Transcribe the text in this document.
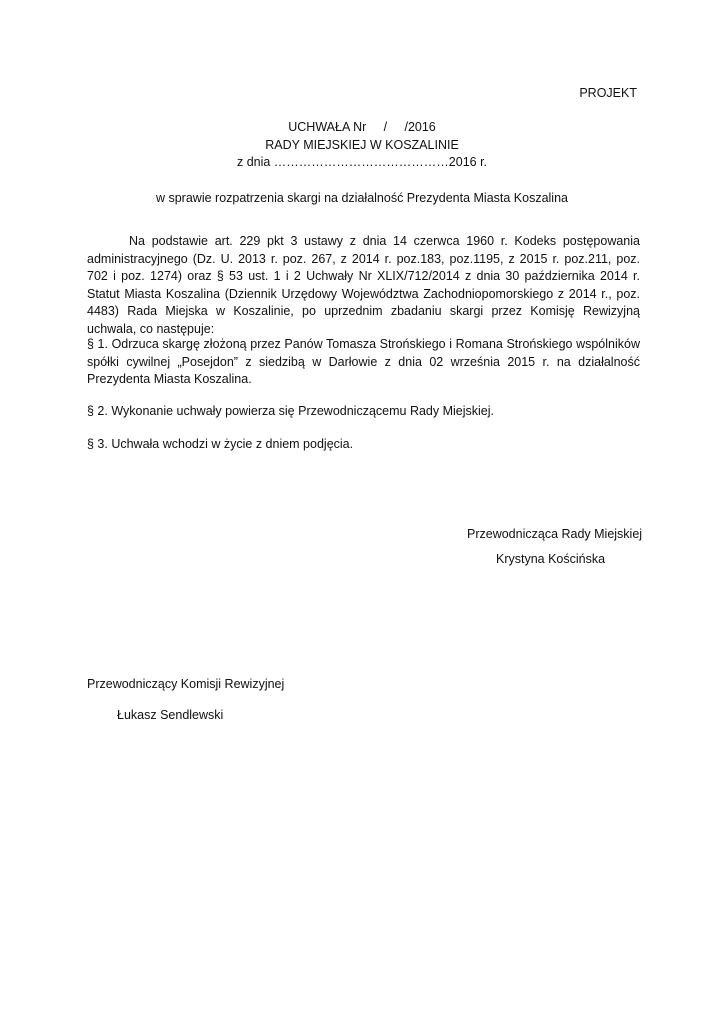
PROJEKT
UCHWAŁA Nr     /     /2016
RADY MIEJSKIEJ W KOSZALINIE
z dnia ……………………………………2016 r.
w sprawie rozpatrzenia skargi na działalność Prezydenta Miasta Koszalina
Na podstawie art. 229 pkt 3 ustawy z dnia 14 czerwca 1960 r. Kodeks postępowania administracyjnego (Dz. U. 2013 r. poz. 267, z 2014 r. poz.183, poz.1195, z 2015 r. poz.211, poz. 702 i poz. 1274) oraz § 53 ust. 1 i 2 Uchwały Nr XLIX/712/2014 z dnia 30 października 2014 r. Statut Miasta Koszalina (Dziennik Urzędowy Województwa Zachodniopomorskiego z 2014 r., poz. 4483) Rada Miejska w Koszalinie, po uprzednim zbadaniu skargi przez Komisję Rewizyjną uchwala, co następuje:
§ 1. Odrzuca skargę złożoną przez Panów Tomasza Strońskiego i Romana Strońskiego wspólników spółki cywilnej „Posejdon” z siedzibą w Darłowie z dnia 02 września 2015 r. na działalność Prezydenta Miasta Koszalina.
§ 2. Wykonanie uchwały powierza się Przewodniczącemu Rady Miejskiej.
§ 3. Uchwała wchodzi w życie z dniem podjęcia.
Przewodnicząca Rady Miejskiej
Krystyna Kościńska
Przewodniczący Komisji Rewizyjnej
Łukasz Sendlewski
